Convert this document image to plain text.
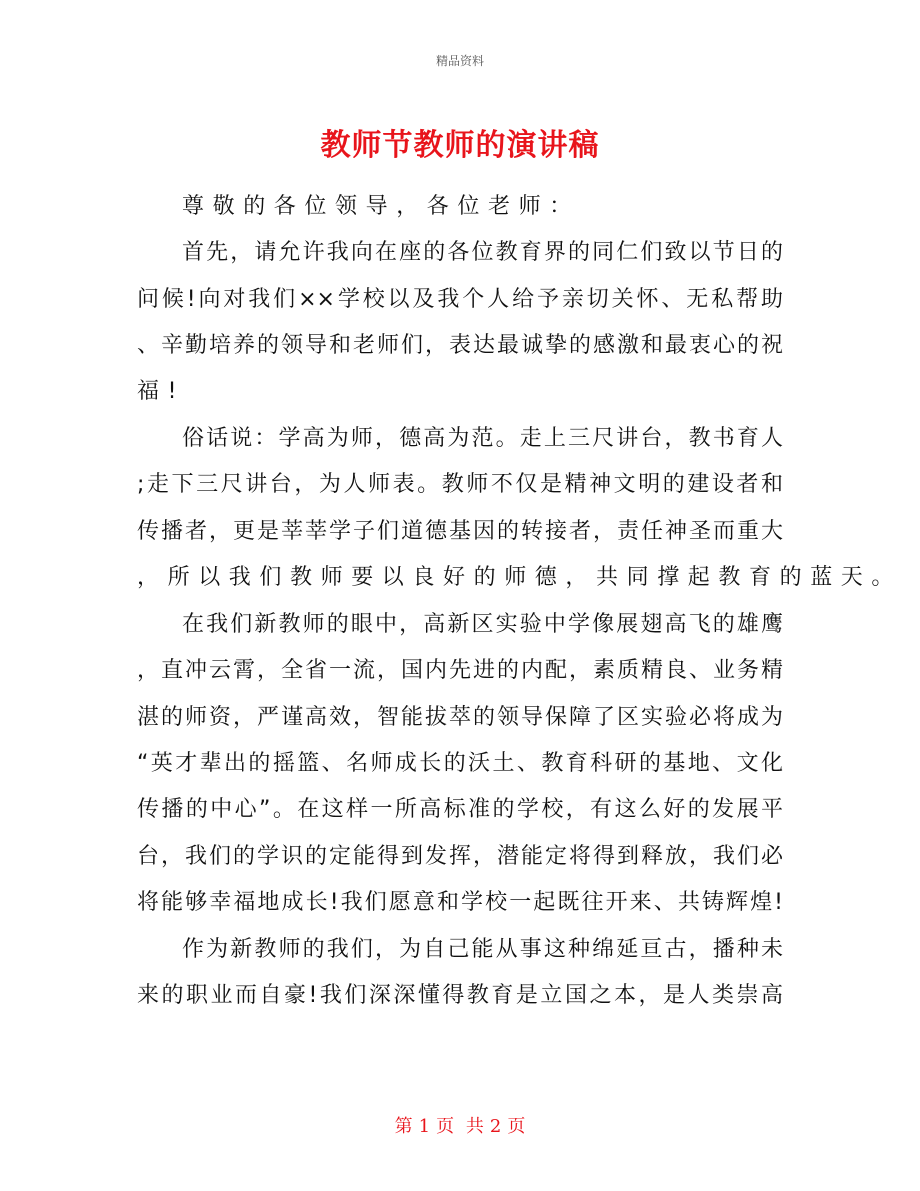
精品资料
教师节教师的演讲稿
尊敬的各位领导，各位老师：
首先，请允许我向在座的各位教育界的同仁们致以节日的
问候!向对我们××学校以及我个人给予亲切关怀、无私帮助
、辛勤培养的领导和老师们，表达最诚挚的感激和最衷心的祝
福!
俗话说：学高为师，德高为范。走上三尺讲台，教书育人
;走下三尺讲台，为人师表。教师不仅是精神文明的建设者和
传播者，更是莘莘学子们道德基因的转接者，责任神圣而重大
，所以我们教师要以良好的师德，共同撑起教育的蓝天。
在我们新教师的眼中，高新区实验中学像展翅高飞的雄鹰
，直冲云霄，全省一流，国内先进的内配，素质精良、业务精
湛的师资，严谨高效，智能拔萃的领导保障了区实验必将成为
“英才辈出的摇篮、名师成长的沃土、教育科研的基地、文化
传播的中心”。在这样一所高标准的学校，有这么好的发展平
台，我们的学识的定能得到发挥，潜能定将得到释放，我们必
将能够幸福地成长!我们愿意和学校一起既往开来、共铸辉煌!
作为新教师的我们，为自己能从事这种绵延亘古，播种未
来的职业而自豪!我们深深懂得教育是立国之本，是人类崇高
第 1 页 共 2 页
